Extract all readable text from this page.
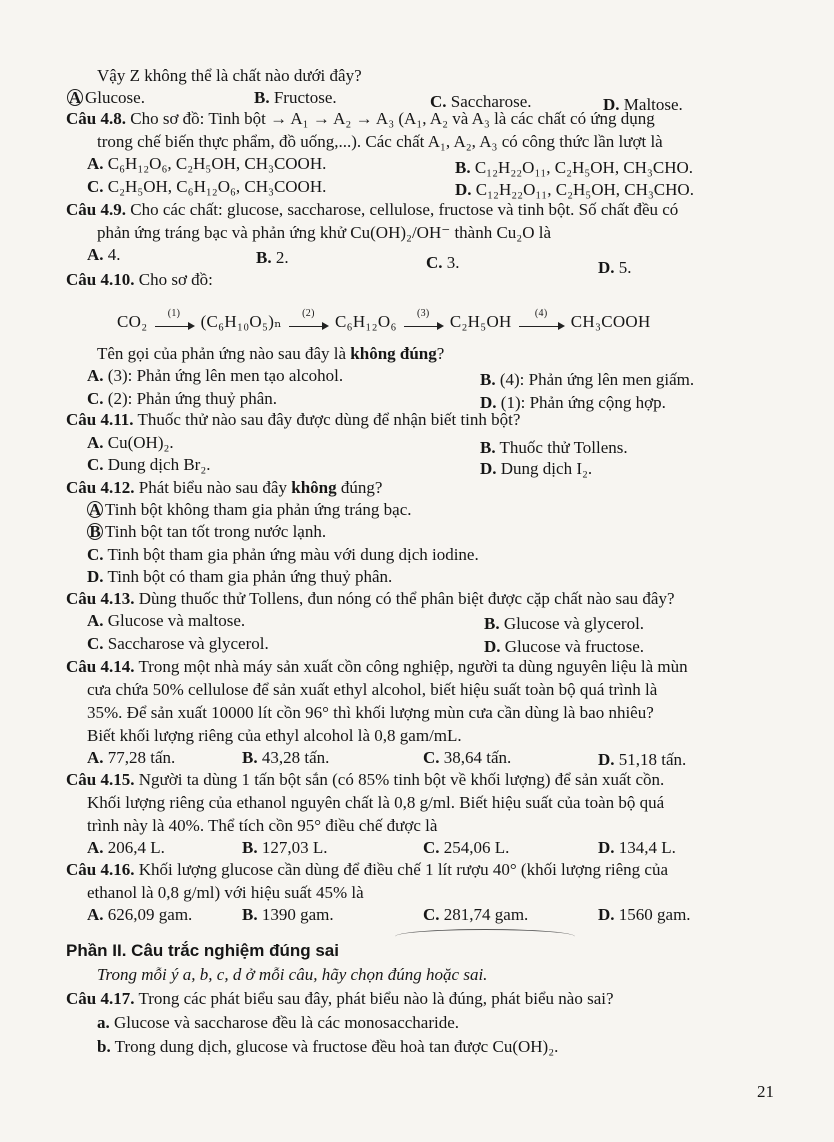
Vậy Z không thể là chất nào dưới đây?
A Glucose.	B. Fructose.	C. Saccharose.	D. Maltose.
Câu 4.8. Cho sơ đồ: Tinh bột → A₁ → A₂ → A₃ (A₁, A₂ và A₃ là các chất có ứng dụng
trong chế biến thực phẩm, đồ uống,...). Các chất A₁, A₂, A₃ có công thức lần lượt là
A. C₆H₁₂O₆, C₂H₅OH, CH₃COOH.	B. C₁₂H₂₂O₁₁, C₂H₅OH, CH₃CHO.
C. C₂H₅OH, C₆H₁₂O₆, CH₃COOH.	D. C₁₂H₂₂O₁₁, C₂H₅OH, CH₃CHO.
Câu 4.9. Cho các chất: glucose, saccharose, cellulose, fructose và tinh bột. Số chất đều có
phản ứng tráng bạc và phản ứng khử Cu(OH)₂/OH⁻ thành Cu₂O là
A. 4.	B. 2.	C. 3.	D. 5.
Câu 4.10. Cho sơ đồ:
CO₂	(1)	(C₆H₁₀O₅)ₙ	(2)	C₆H₁₂O₆	(3)	C₂H₅OH	(4)	CH₃COOH
Tên gọi của phản ứng nào sau đây là không đúng?
A. (3): Phản ứng lên men tạo alcohol.	B. (4): Phản ứng lên men giấm.
C. (2): Phản ứng thuỷ phân.	D. (1): Phản ứng cộng hợp.
Câu 4.11. Thuốc thử nào sau đây được dùng để nhận biết tinh bột?
A. Cu(OH)₂.	B. Thuốc thử Tollens.
C. Dung dịch Br₂.	D. Dung dịch I₂.
Câu 4.12. Phát biểu nào sau đây không đúng?
A Tinh bột không tham gia phản ứng tráng bạc.
B Tinh bột tan tốt trong nước lạnh.
C. Tinh bột tham gia phản ứng màu với dung dịch iodine.
D. Tinh bột có tham gia phản ứng thuỷ phân.
Câu 4.13. Dùng thuốc thử Tollens, đun nóng có thể phân biệt được cặp chất nào sau đây?
A. Glucose và maltose.	B. Glucose và glycerol.
C. Saccharose và glycerol.	D. Glucose và fructose.
Câu 4.14. Trong một nhà máy sản xuất cồn công nghiệp, người ta dùng nguyên liệu là mùn
cưa chứa 50% cellulose để sản xuất ethyl alcohol, biết hiệu suất toàn bộ quá trình là
35%. Để sản xuất 10000 lít cồn 96° thì khối lượng mùn cưa cần dùng là bao nhiêu?
Biết khối lượng riêng của ethyl alcohol là 0,8 gam/mL.
A. 77,28 tấn.	B. 43,28 tấn.	C. 38,64 tấn.	D. 51,18 tấn.
Câu 4.15. Người ta dùng 1 tấn bột sắn (có 85% tinh bột về khối lượng) để sản xuất cồn.
Khối lượng riêng của ethanol nguyên chất là 0,8 g/ml. Biết hiệu suất của toàn bộ quá
trình này là 40%. Thể tích cồn 95° điều chế được là
A. 206,4 L.	B. 127,03 L.	C. 254,06 L.	D. 134,4 L.
Câu 4.16. Khối lượng glucose cần dùng để điều chế 1 lít rượu 40° (khối lượng riêng của
ethanol là 0,8 g/ml) với hiệu suất 45% là
A. 626,09 gam.	B. 1390 gam.	C. 281,74 gam.	D. 1560 gam.
Phần II. Câu trắc nghiệm đúng sai
Trong mỗi ý a, b, c, d ở mỗi câu, hãy chọn đúng hoặc sai.
Câu 4.17. Trong các phát biểu sau đây, phát biểu nào là đúng, phát biểu nào sai?
a. Glucose và saccharose đều là các monosaccharide.
b. Trong dung dịch, glucose và fructose đều hoà tan được Cu(OH)₂.
21
